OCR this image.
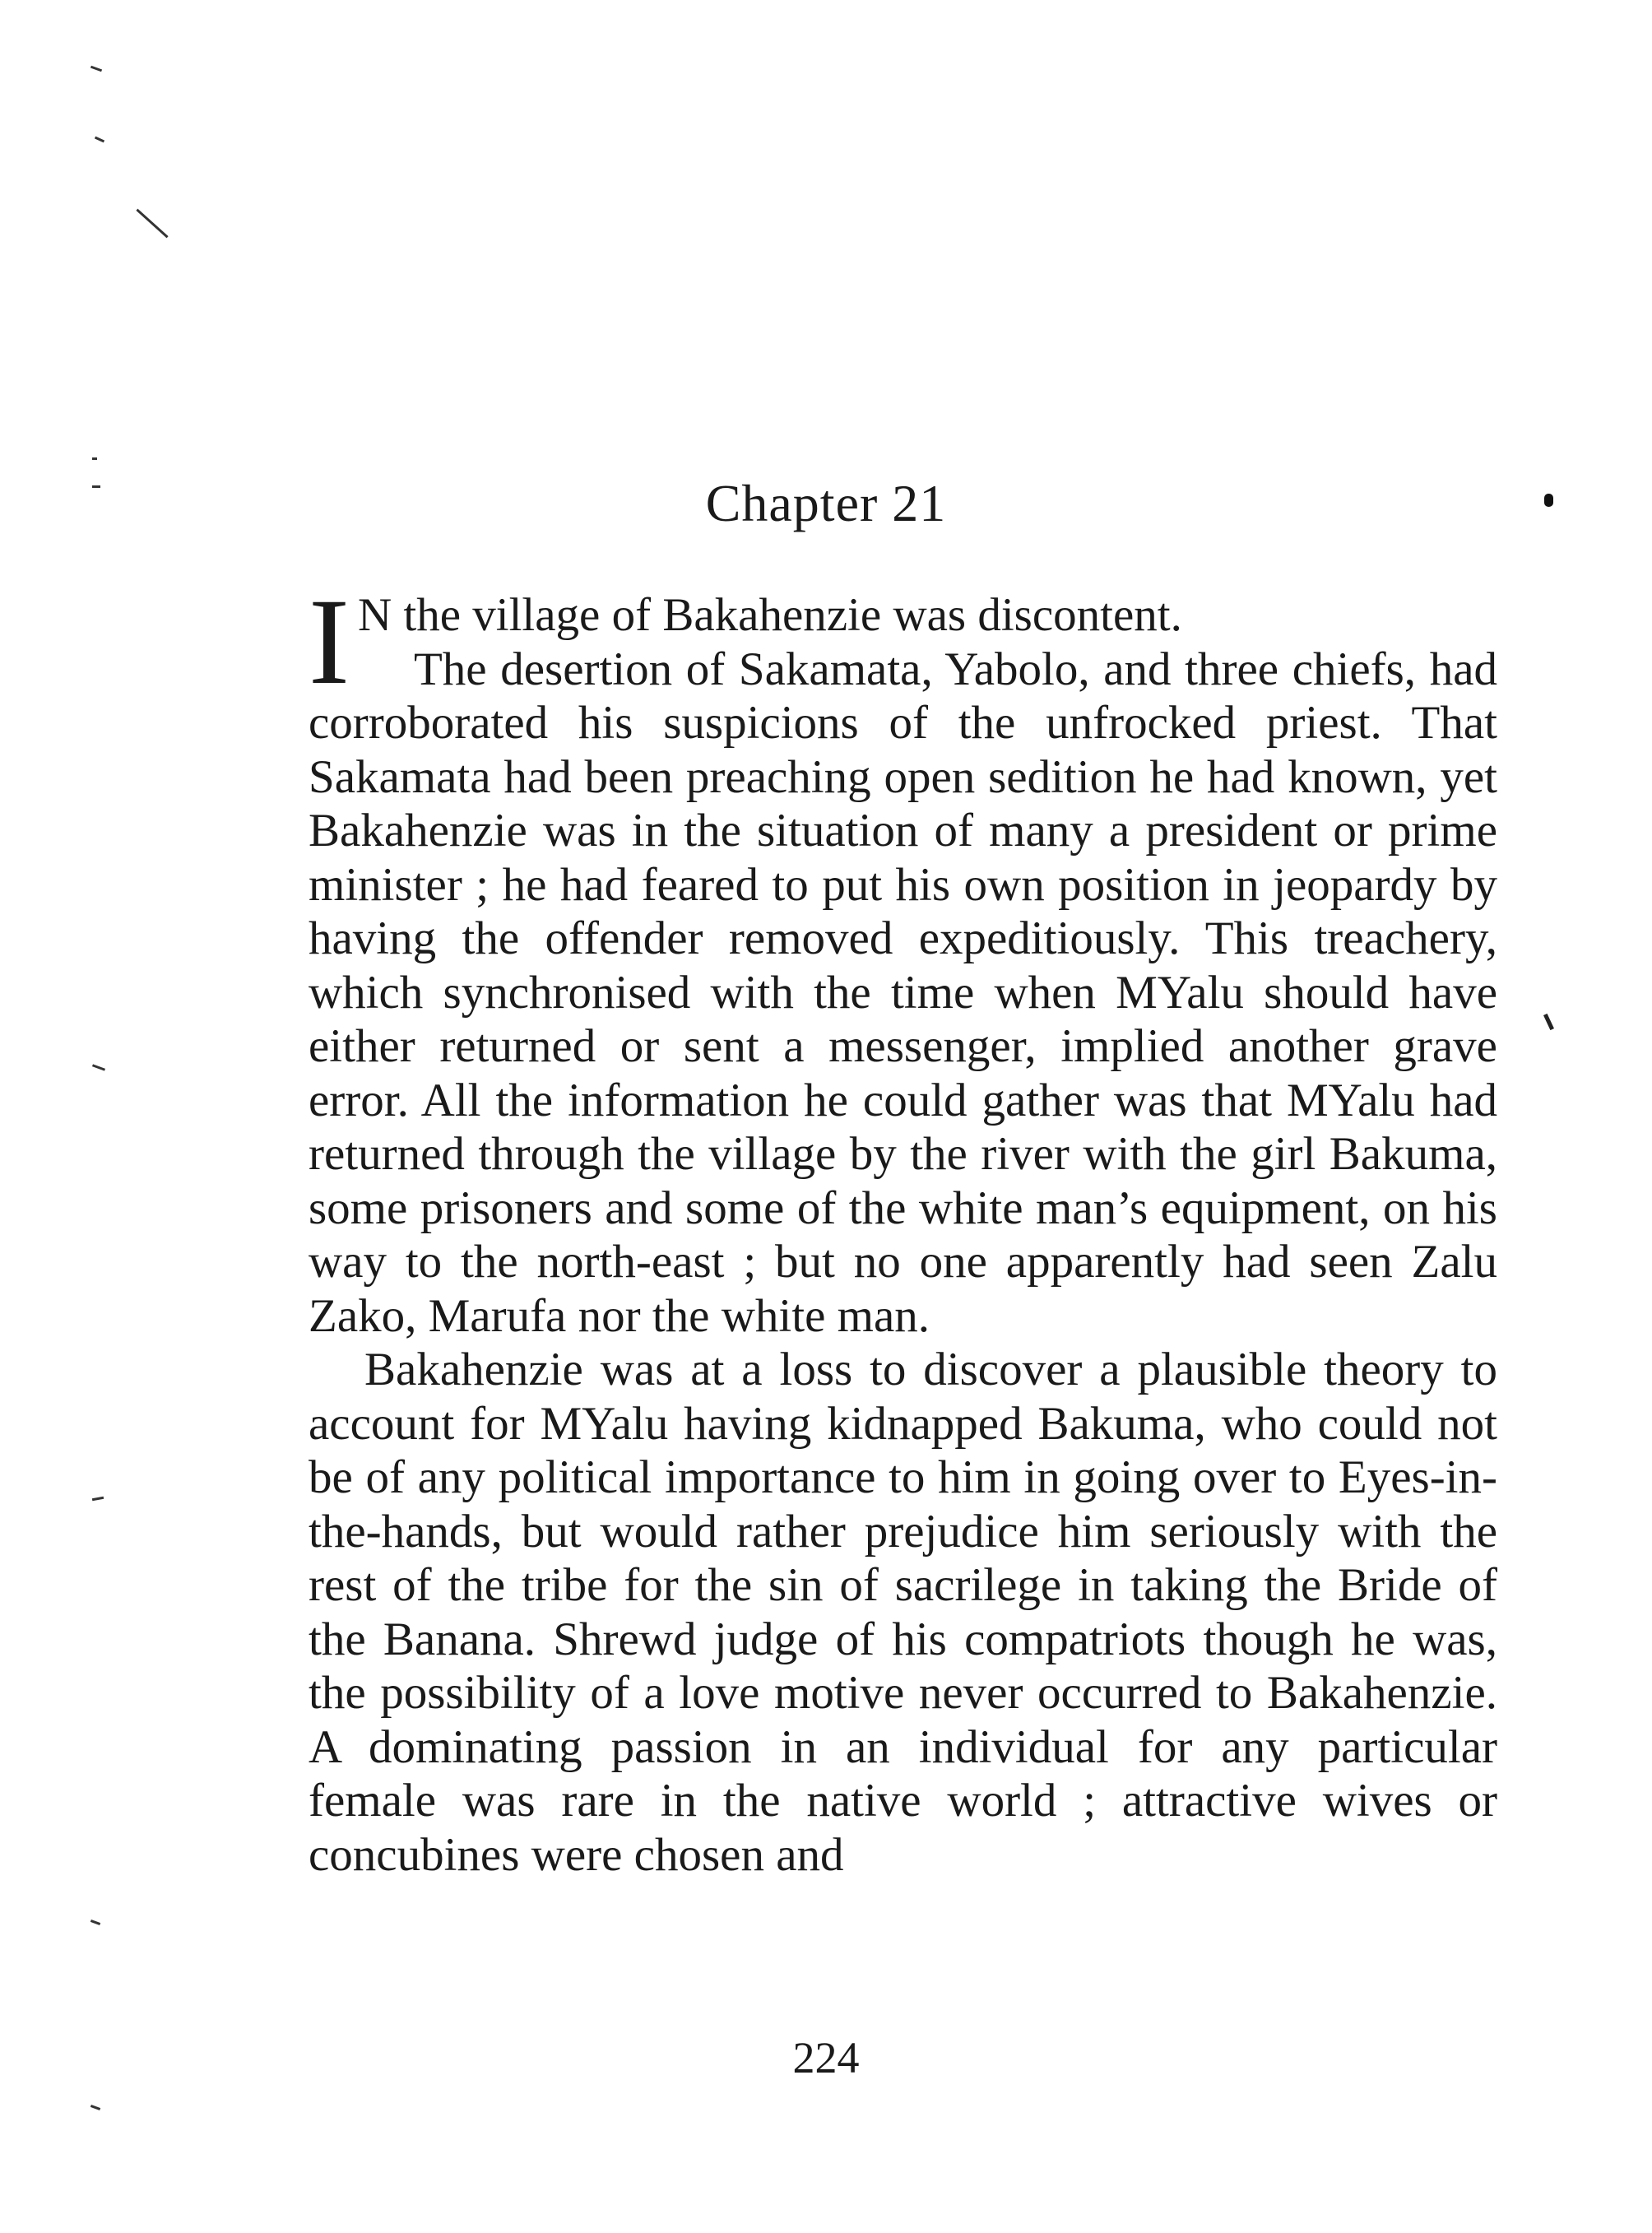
Chapter 21

I N the village of Bakahenzie was discontent.
The desertion of Sakamata, Yabolo, and three chiefs, had corroborated his suspicions of the unfrocked priest. That Sakamata had been preaching open sedition he had known, yet Bakahenzie was in the situation of many a president or prime minister ; he had feared to put his own position in jeopardy by having the offender removed expeditiously. This treachery, which synchronised with the time when MYalu should have either returned or sent a messenger, implied another grave error. All the information he could gather was that MYalu had returned through the village by the river with the girl Bakuma, some prisoners and some of the white man’s equipment, on his way to the north-east ; but no one apparently had seen Zalu Zako, Marufa nor the white man.

Bakahenzie was at a loss to discover a plausible theory to account for MYalu having kidnapped Bakuma, who could not be of any political importance to him in going over to Eyes-in-the-hands, but would rather prejudice him seriously with the rest of the tribe for the sin of sacrilege in taking the Bride of the Banana. Shrewd judge of his compatriots though he was, the possibility of a love motive never occurred to Bakahenzie. A dominating passion in an individual for any particular female was rare in the native world ; attractive wives or concubines were chosen and

224
